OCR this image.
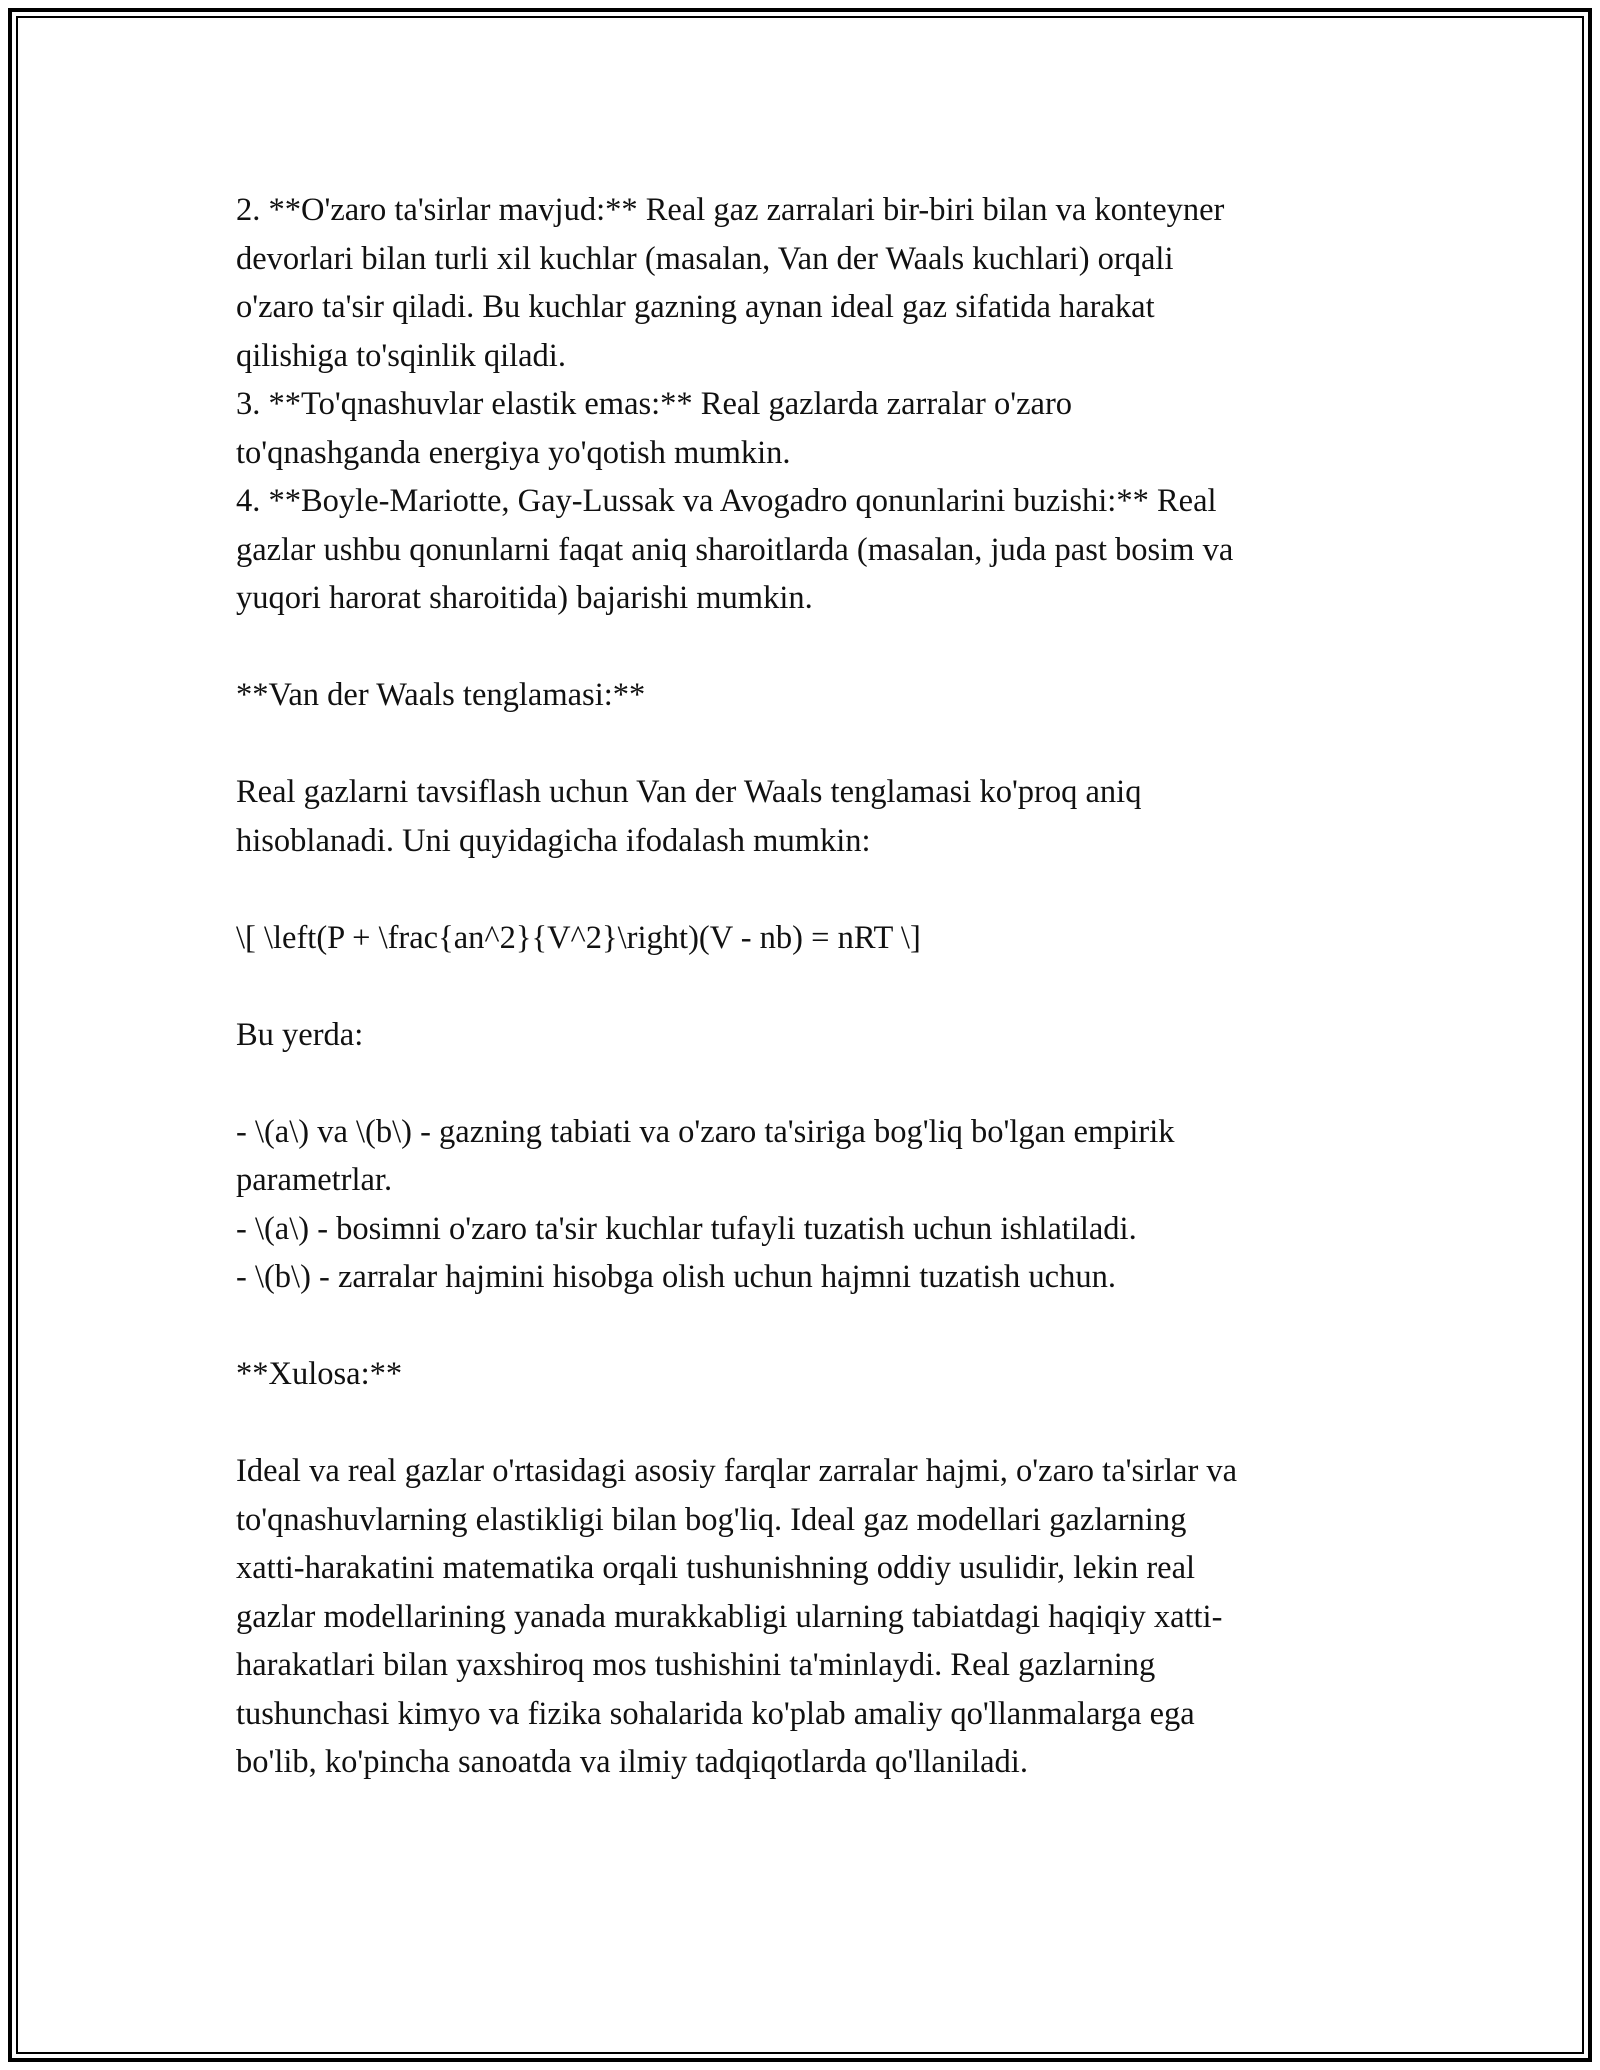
2. **O'zaro ta'sirlar mavjud:** Real gaz zarralari bir-biri bilan va konteyner
devorlari bilan turli xil kuchlar (masalan, Van der Waals kuchlari) orqali
o'zaro ta'sir qiladi. Bu kuchlar gazning aynan ideal gaz sifatida harakat
qilishiga to'sqinlik qiladi.
3. **To'qnashuvlar elastik emas:** Real gazlarda zarralar o'zaro
to'qnashganda energiya yo'qotish mumkin.
4. **Boyle-Mariotte, Gay-Lussak va Avogadro qonunlarini buzishi:** Real
gazlar ushbu qonunlarni faqat aniq sharoitlarda (masalan, juda past bosim va
yuqori harorat sharoitida) bajarishi mumkin.

**Van der Waals tenglamasi:**

Real gazlarni tavsiflash uchun Van der Waals tenglamasi ko'proq aniq
hisoblanadi. Uni quyidagicha ifodalash mumkin:

\[ \left(P + \frac{an^2}{V^2}\right)(V - nb) = nRT \]

Bu yerda:

- \(a\) va \(b\) - gazning tabiati va o'zaro ta'siriga bog'liq bo'lgan empirik
parametrlar.
- \(a\) - bosimni o'zaro ta'sir kuchlar tufayli tuzatish uchun ishlatiladi.
- \(b\) - zarralar hajmini hisobga olish uchun hajmni tuzatish uchun.

**Xulosa:**

Ideal va real gazlar o'rtasidagi asosiy farqlar zarralar hajmi, o'zaro ta'sirlar va
to'qnashuvlarning elastikligi bilan bog'liq. Ideal gaz modellari gazlarning
xatti-harakatini matematika orqali tushunishning oddiy usulidir, lekin real
gazlar modellarining yanada murakkabligi ularning tabiatdagi haqiqiy xatti-
harakatlari bilan yaxshiroq mos tushishini ta'minlaydi. Real gazlarning
tushunchasi kimyo va fizika sohalarida ko'plab amaliy qo'llanmalarga ega
bo'lib, ko'pincha sanoatda va ilmiy tadqiqotlarda qo'llaniladi.
